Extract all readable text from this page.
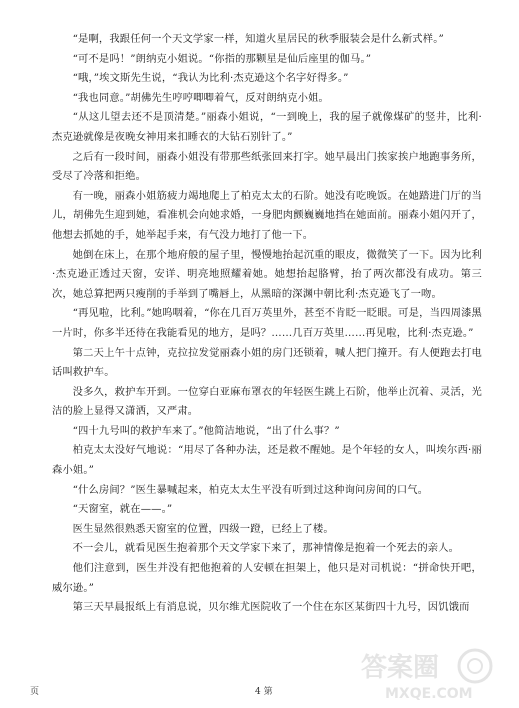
“是啊，我跟任何一个天文学家一样，知道火星居民的秋季服装会是什么新式样。”

“可不是吗！”朗纳克小姐说。“你指的那颗星是仙后座里的伽马。”

“哦，”埃文斯先生说，“我认为比利·杰克逊这个名字好得多。”

“我也同意。”胡佛先生哼哼唧唧着气，反对朗纳克小姐。

“从这儿望去还不是顶清楚。”丽森小姐说，“一到晚上，我的屋子就像煤矿的竖井，比利·杰克逊就像是夜晚女神用来扣睡衣的大钻石别针了。”

之后有一段时间，丽森小姐没有带那些纸张回来打字。她早晨出门挨家挨户地跑事务所，受尽了冷落和拒绝。

有一晚，丽森小姐筋疲力竭地爬上了柏克太太的石阶。她没有吃晚饭。在她踏进门厅的当儿，胡佛先生迎到她，看准机会向她求婚，一身肥肉颤巍巍地挡在她面前。丽森小姐闪开了，他想去抓她的手，她举起手来，有气没力地打了他一下。

她倒在床上，在那个地府般的屋子里，慢慢地抬起沉重的眼皮，微微笑了一下。因为比利·杰克逊正透过天窗，安详、明亮地照耀着她。她想抬起胳臂，抬了两次都没有成功。第三次，她总算把两只瘦削的手举到了嘴唇上，从黑暗的深渊中朝比利·杰克逊飞了一吻。

“再见啦，比利。”她呜咽着，“你在几百万英里外，甚至不肯眨一眨眼。可是，当四周漆黑一片时，你多半还待在我能看见的地方，是吗？……几百万英里……再见啦，比利·杰克逊。”

第二天上午十点钟，克拉拉发觉丽森小姐的房门还锁着，喊人把门撞开。有人便跑去打电话叫救护车。

没多久，救护车开到。一位穿白亚麻布罩衣的年轻医生跳上石阶，他举止沉着、灵活，光洁的脸上显得又潇洒，又严肃。

“四十九号叫的救护车来了。”他简洁地说，“出了什么事？”

柏克太太没好气地说：“用尽了各种办法，还是救不醒她。是个年轻的女人，叫埃尔西·丽森小姐。”

“什么房间？”医生暴喊起来，柏克太太生平没有听到过这种询问房间的口气。

“天窗室，就在——。”

医生显然很熟悉天窗室的位置，四级一蹬，已经上了楼。

不一会儿，就看见医生抱着那个天文学家下来了，那神情像是抱着一个死去的亲人。

他们注意到，医生并没有把他抱着的人安顿在担架上，他只是对司机说：“拼命快开吧，威尔逊。”

第三天早晨报纸上有消息说，贝尔维尤医院收了一个住在东区某街四十九号，因饥饿而

页	4 第
答案圈
MXQE.COM
